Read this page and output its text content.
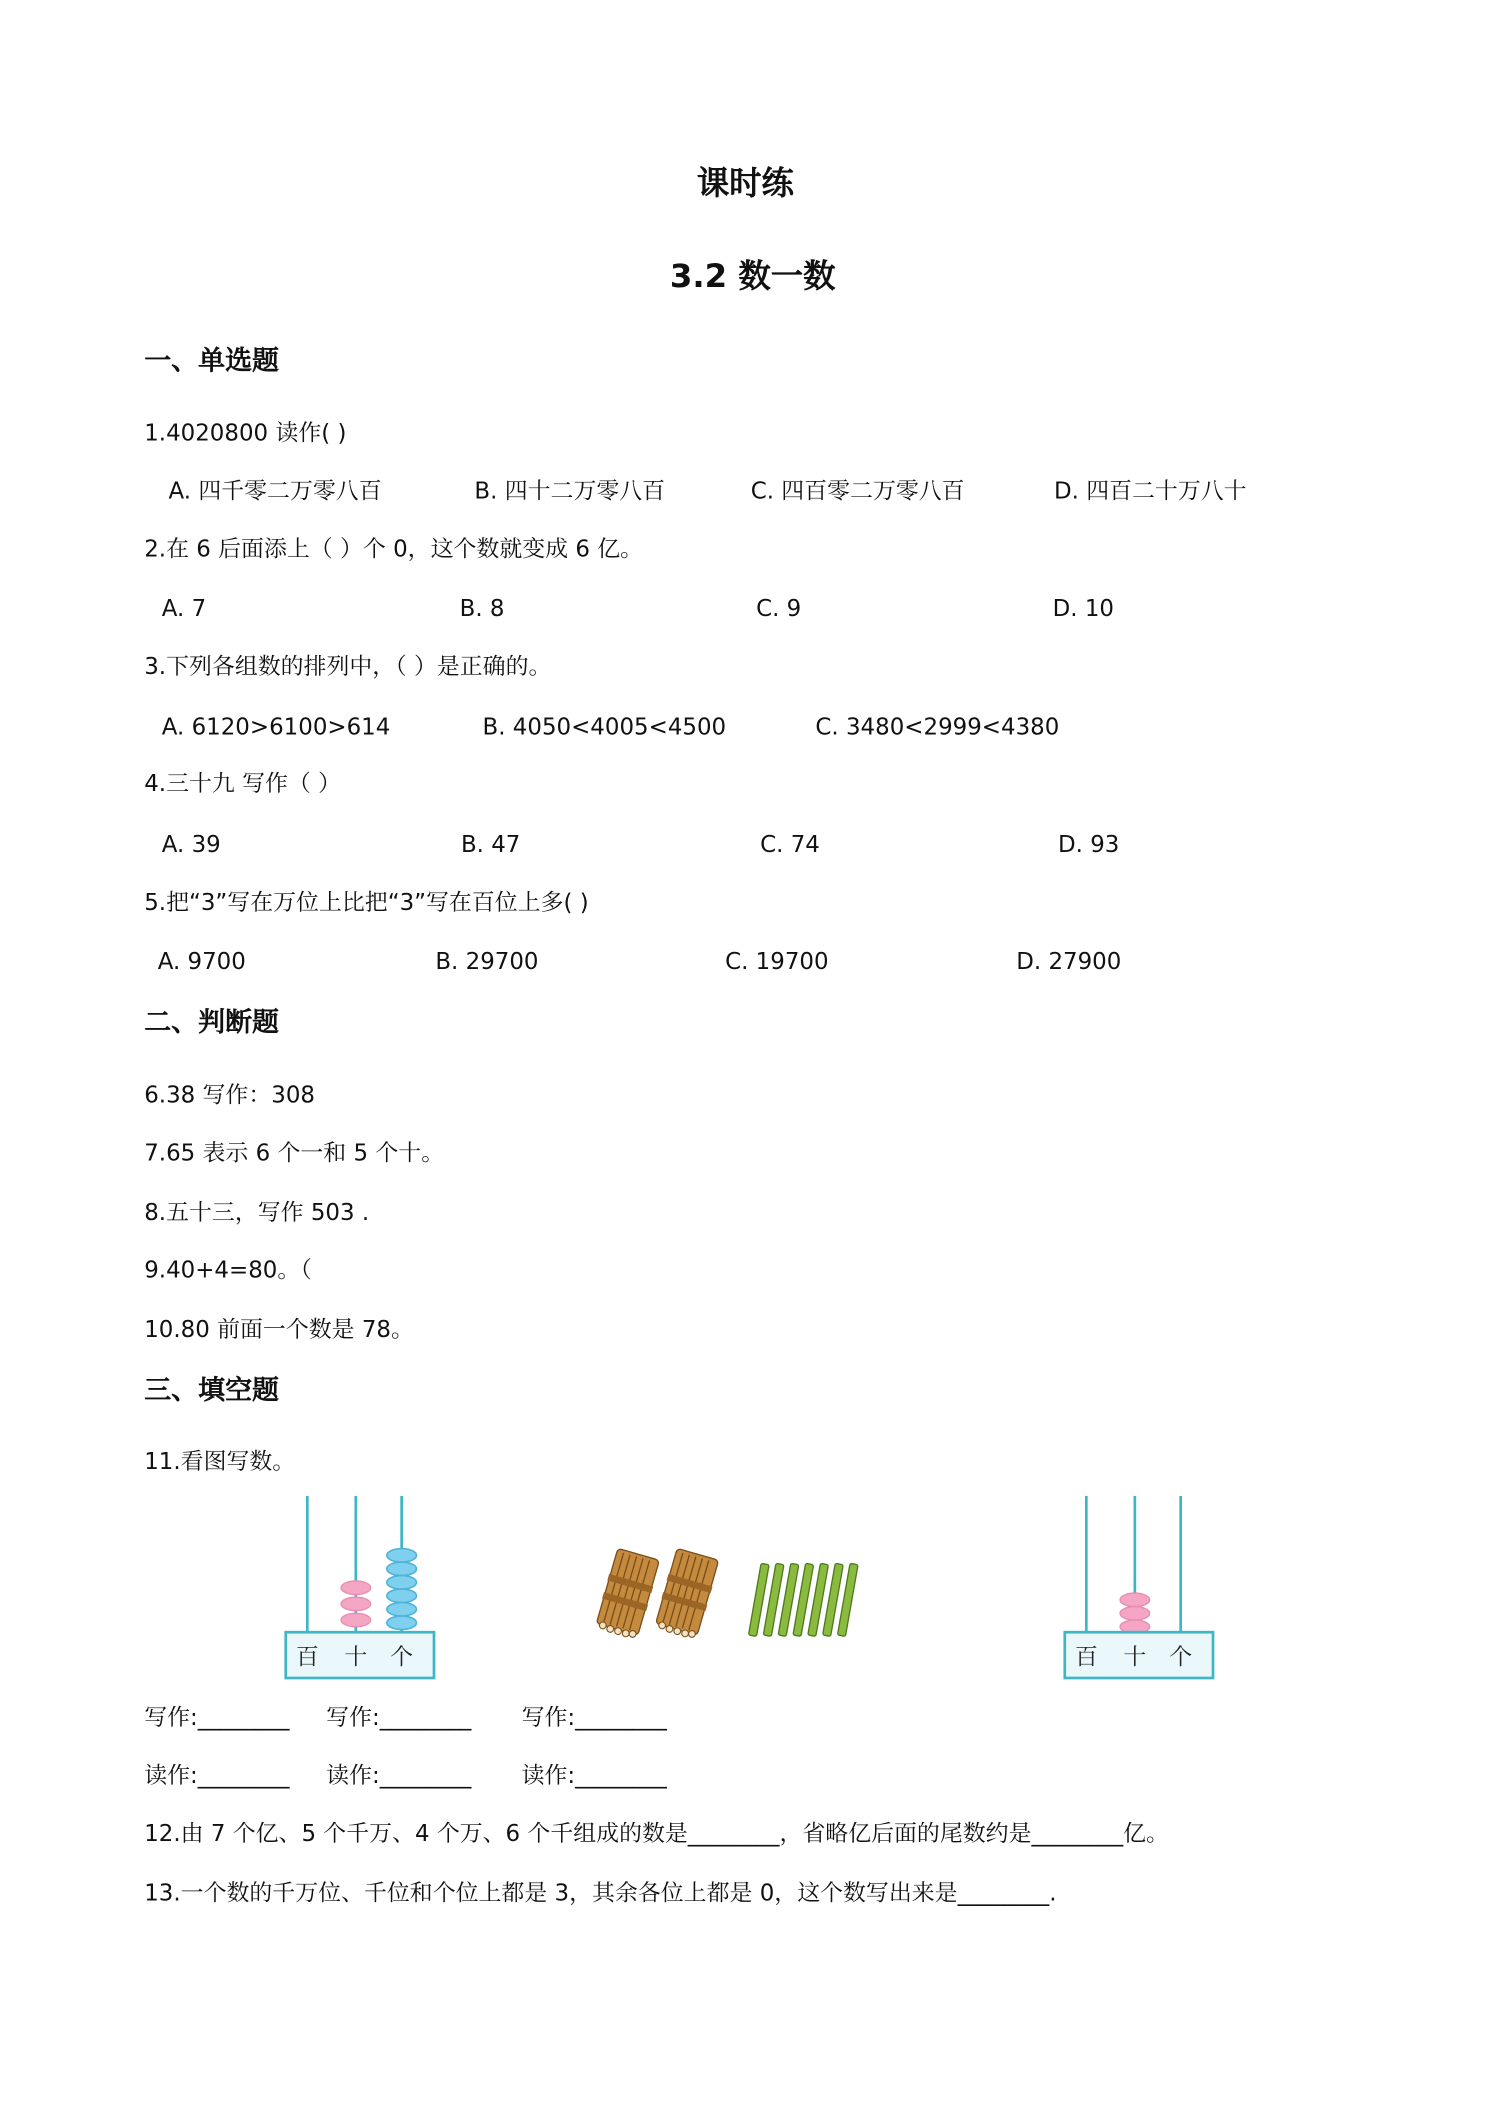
课时练
3.2 数一数
一、单选题
1.4020800 读作( )
A. 四千零二万零八百	B. 四十二万零八百	C. 四百零二万零八百	D. 四百二十万八十
2.在 6 后面添上（ ）个 0，这个数就变成 6 亿。
A. 7	B. 8	C. 9	D. 10
3.下列各组数的排列中，（ ）是正确的。
A. 6120>6100>614	B. 4050<4005<4500	C. 3480<2999<4380
4.三十九 写作（ ）
A. 39	B. 47	C. 74	D. 93
5.把“3”写在万位上比把“3”写在百位上多( )
A. 9700	B. 29700	C. 19700	D. 27900
二、判断题
6.38 写作：308
7.65 表示 6 个一和 5 个十。
8.五十三，写作 503 .
9.40+4=80。（
10.80 前面一个数是 78。
三、填空题
11.看图写数。
百 十 个	百 十 个
写作:________ 写作:________	写作:________
读作:________ 读作:________	读作:________
12.由 7 个亿、5 个千万、4 个万、6 个千组成的数是________，省略亿后面的尾数约是________亿。
13.一个数的千万位、千位和个位上都是 3，其余各位上都是 0，这个数写出来是________.
